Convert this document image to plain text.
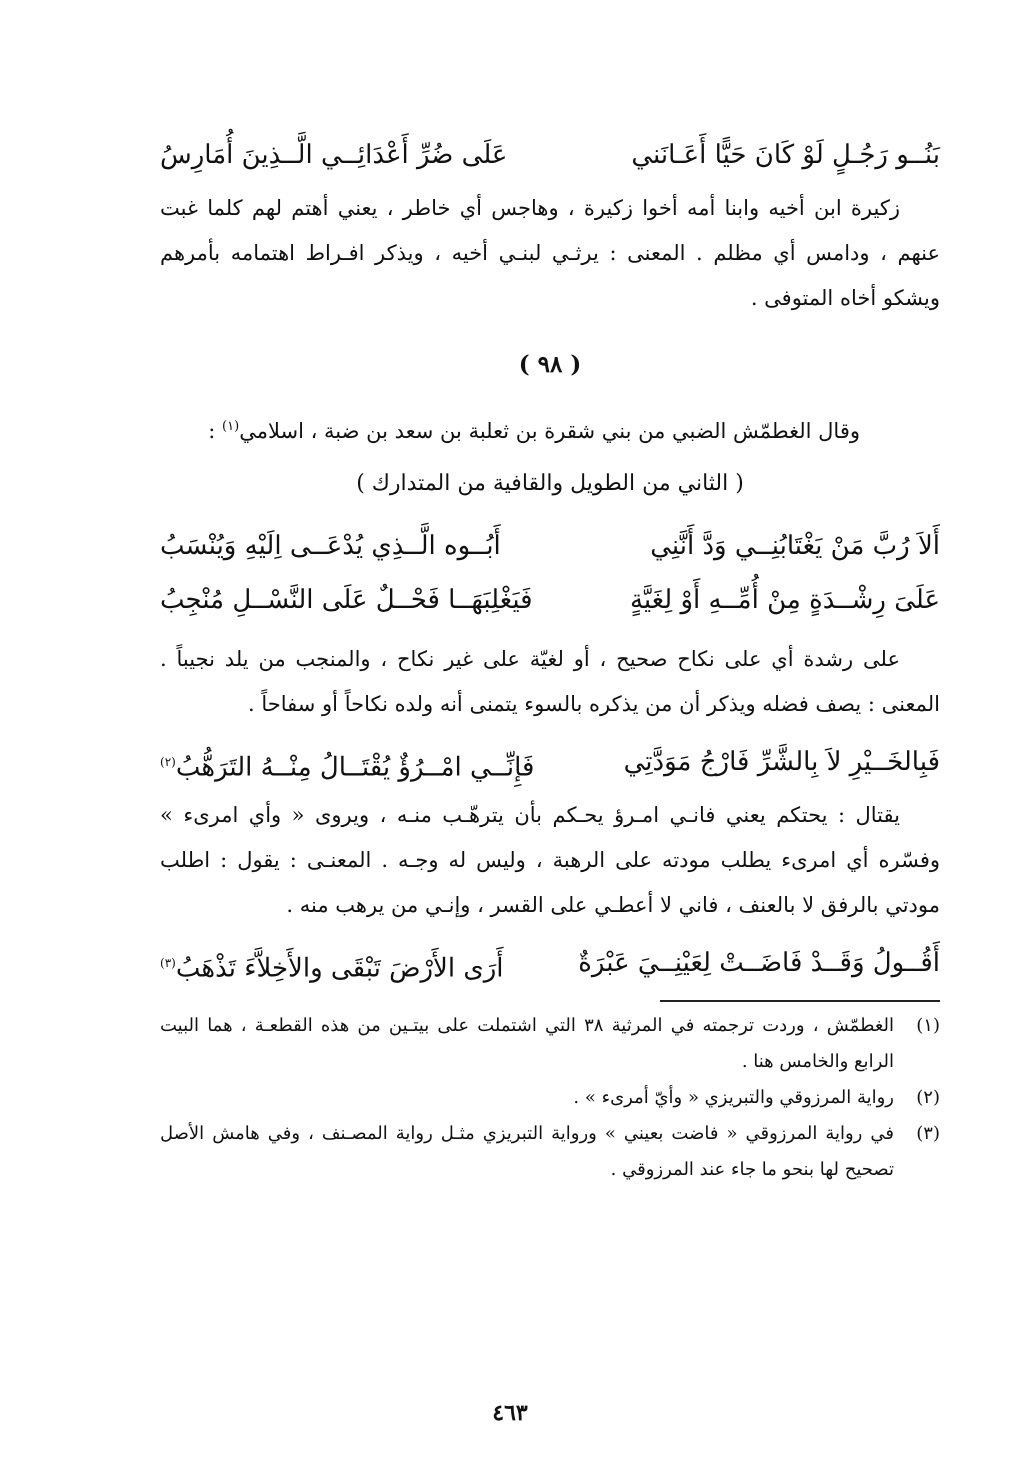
بَنُــو رَجُـلٍ لَوْ كَانَ حَيًّا أَعَـانَني
عَلَى ضُرِّ أَعْدَائِــي الَّــذِينَ أُمَارِسُ

زكيرة ابن أخيه وابنا أمه أخوا زكيرة ، وهاجس أي خاطر ، يعني أهتم لهم كلما غبت عنهم ، ودامس أي مظلم . المعنى : يرثـي لبنـي أخيه ، ويذكر افـراط اهتمامه بأمرهم ويشكو أخاه المتوفى .

( ٩٨ )

وقال الغطمّش الضبي من بني شقرة بن ثعلبة بن سعد بن ضبة ، اسلامي$^{(١)}$ :

( الثاني من الطويل والقافية من المتدارك )
أَلاَ رُبَّ مَنْ يَغْتَابُنِــي وَدَّ أَنَّنِي
أَبُــوه الَّــذِي يُدْعَــى اِلَيْهِ وَيُنْسَبُ
عَلَىَ رِشْــدَةٍ مِنْ أُمِّــهِ أَوْ لِغَيَّةٍ
فَيَغْلِبَهَــا فَحْــلٌ عَلَى النَّسْــلِ مُنْجِبُ

على رشدة أي على نكاح صحيح ، أو لغيّة على غير نكاح ، والمنجب من يلد نجيباً . المعنى : يصف فضله ويذكر أن من يذكره بالسوء يتمنى أنه ولده نكاحاً أو سفاحاً .

فَبِالخَــيْرِ لاَ بِالشَّرِّ فَارْجُ مَوَدَّتِي
فَإِنِّــي امْــرُؤٌ يُقْتَــالُ مِنْــهُ التَرَهُّبُ$^{(٢)}$

يقتال : يحتكم يعني فانـي امـرؤ يحـكم بأن يترهّـب منـه ، ويروى « وأي امرىء » وفسّره أي امرىء يطلب مودته على الرهبة ، وليس له وجـه . المعنـى : يقول : اطلب مودتي بالرفق لا بالعنف ، فاني لا أعطـي على القسر ، وإنـي من يرهب منه .

أَقُــولُ وَقَــدْ فَاضَــتْ لِعَيْنِــيَ عَبْرَةٌ
أَرَى الأَرْضَ تَبْقَى والأَخِلاَّءَ تَذْهَبُ$^{(٣)}$
(١)
الغطمّش ، وردت ترجمته في المرثية ٣٨ التي اشتملت على بيتـين من هذه القطعـة ، هما البيت الرابع والخامس هنا .
(٢)
رواية المرزوقي والتبريزي « وأيّ أمرىء » .
(٣)
في رواية المرزوقي « فاضت بعيني » ورواية التبريزي مثـل رواية المصـنف ، وفي هامش الأصل تصحيح لها بنحو ما جاء عند المرزوقي .
٤٦٣
